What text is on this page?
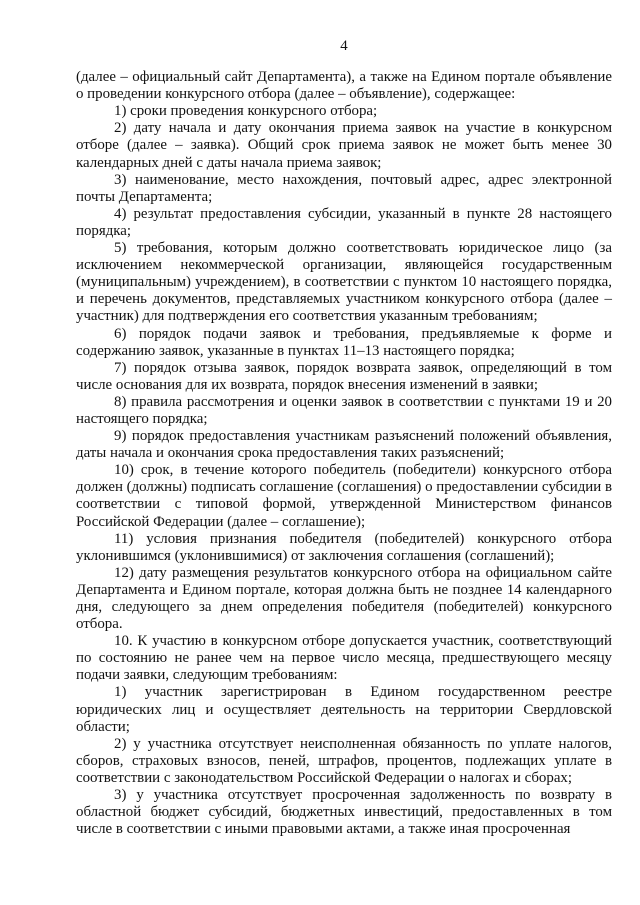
4

(далее – официальный сайт Департамента), а также на Едином портале объявление о проведении конкурсного отбора (далее – объявление), содержащее:

1) сроки проведения конкурсного отбора;

2) дату начала и дату окончания приема заявок на участие в конкурсном отборе (далее – заявка). Общий срок приема заявок не может быть менее 30 календарных дней с даты начала приема заявок;

3) наименование, место нахождения, почтовый адрес, адрес электронной почты Департамента;

4) результат предоставления субсидии, указанный в пункте 28 настоящего порядка;

5) требования, которым должно соответствовать юридическое лицо (за исключением некоммерческой организации, являющейся государственным (муниципальным) учреждением), в соответствии с пунктом 10 настоящего порядка, и перечень документов, представляемых участником конкурсного отбора (далее – участник) для подтверждения его соответствия указанным требованиям;

6) порядок подачи заявок и требования, предъявляемые к форме и содержанию заявок, указанные в пунктах 11–13 настоящего порядка;

7) порядок отзыва заявок, порядок возврата заявок, определяющий в том числе основания для их возврата, порядок внесения изменений в заявки;

8) правила рассмотрения и оценки заявок в соответствии с пунктами 19 и 20 настоящего порядка;

9) порядок предоставления участникам разъяснений положений объявления, даты начала и окончания срока предоставления таких разъяснений;

10) срок, в течение которого победитель (победители) конкурсного отбора должен (должны) подписать соглашение (соглашения) о предоставлении субсидии в соответствии с типовой формой, утвержденной Министерством финансов Российской Федерации (далее – соглашение);

11) условия признания победителя (победителей) конкурсного отбора уклонившимся (уклонившимися) от заключения соглашения (соглашений);

12) дату размещения результатов конкурсного отбора на официальном сайте Департамента и Едином портале, которая должна быть не позднее 14 календарного дня, следующего за днем определения победителя (победителей) конкурсного отбора.

10. К участию в конкурсном отборе допускается участник, соответствующий по состоянию не ранее чем на первое число месяца, предшествующего месяцу подачи заявки, следующим требованиям:

1) участник зарегистрирован в Едином государственном реестре юридических лиц и осуществляет деятельность на территории Свердловской области;

2) у участника отсутствует неисполненная обязанность по уплате налогов, сборов, страховых взносов, пеней, штрафов, процентов, подлежащих уплате в соответствии с законодательством Российской Федерации о налогах и сборах;

3) у участника отсутствует просроченная задолженность по возврату в областной бюджет субсидий, бюджетных инвестиций, предоставленных в том числе в соответствии с иными правовыми актами, а также иная просроченная
